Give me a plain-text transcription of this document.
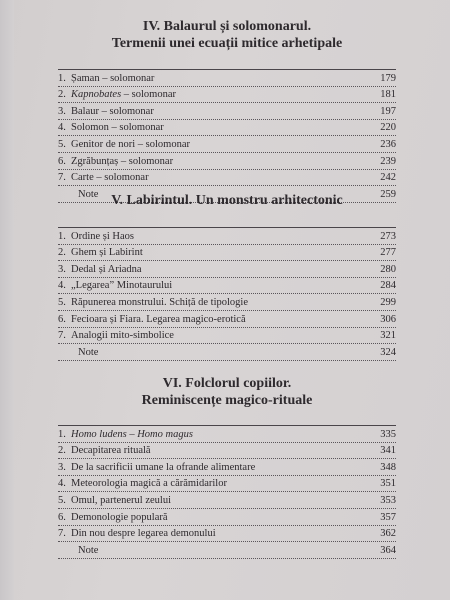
IV. Balaurul și solomonarul.
Termenii unei ecuații mitice arhetipale
1. Șaman – solomonar	179
2. Kapnobates – solomonar	181
3. Balaur – solomonar	197
4. Solomon – solomonar	220
5. Genitor de nori – solomonar	236
6. Zgrăbunțaș – solomonar	239
7. Carte – solomonar	242
Note	259
V. Labirintul. Un monstru arhitectonic
1. Ordine și Haos	273
2. Ghem și Labirint	277
3. Dedal și Ariadna	280
4. „Legarea” Minotaurului	284
5. Răpunerea monstrului. Schiță de tipologie	299
6. Fecioara și Fiara. Legarea magico-erotică	306
7. Analogii mito-simbolice	321
Note	324
VI. Folclorul copiilor.
Reminiscențe magico-rituale
1. Homo ludens – Homo magus	335
2. Decapitarea rituală	341
3. De la sacrificii umane la ofrande alimentare	348
4. Meteorologia magică a cărămidarilor	351
5. Omul, partenerul zeului	353
6. Demonologie populară	357
7. Din nou despre legarea demonului	362
Note	364
